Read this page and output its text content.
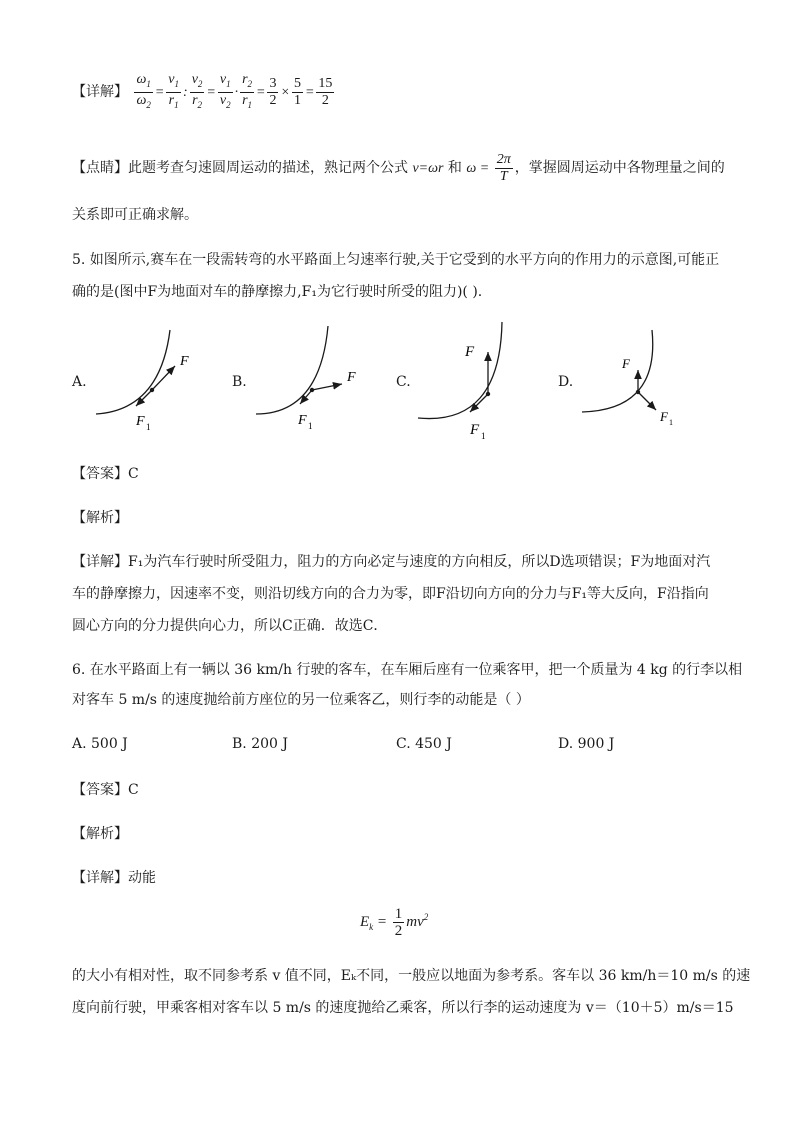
【详解】 $\frac{\omega_1}{\omega_2} = \frac{v_1}{r_1}$ : $\frac{v_2}{r_2} = \frac{v_1}{v_2} \cdot \frac{r_2}{r_1} = \frac{3}{2} \times \frac{5}{1} = \frac{15}{2}$
【点睛】此题考查匀速圆周运动的描述，熟记两个公式 v=ωr 和 $\omega = \frac{2\pi}{T}$ ，掌握圆周运动中各物理量之间的
关系即可正确求解。
5. 如图所示,赛车在一段需转弯的水平路面上匀速率行驶,关于它受到的水平方向的作用力的示意图,可能正
确的是(图中F为地面对车的静摩擦力,F₁为它行驶时所受的阻力)( ).
A.	B.	C.	D.
F
F 1
F
F 1
F
F 1
F
F 1
【答案】C
【解析】
【详解】F₁为汽车行驶时所受阻力，阻力的方向必定与速度的方向相反，所以D选项错误；F为地面对汽
车的静摩擦力，因速率不变，则沿切线方向的合力为零，即F沿切向方向的分力与F₁等大反向，F沿指向
圆心方向的分力提供向心力，所以C正确．故选C．
6. 在水平路面上有一辆以 36 km/h 行驶的客车，在车厢后座有一位乘客甲，把一个质量为 4 kg 的行李以相
对客车 5 m/s 的速度抛给前方座位的另一位乘客乙，则行李的动能是（ ）
A. 500 J	B. 200 J	C. 450 J	D. 900 J
【答案】C
【解析】
【详解】动能
$E_k = \frac{1}{2} mv^2$
的大小有相对性，取不同参考系 v 值不同，Eₖ不同，一般应以地面为参考系。客车以 36 km/h＝10 m/s 的速
度向前行驶，甲乘客相对客车以 5 m/s 的速度抛给乙乘客，所以行李的运动速度为 v＝（10＋5）m/s＝15
